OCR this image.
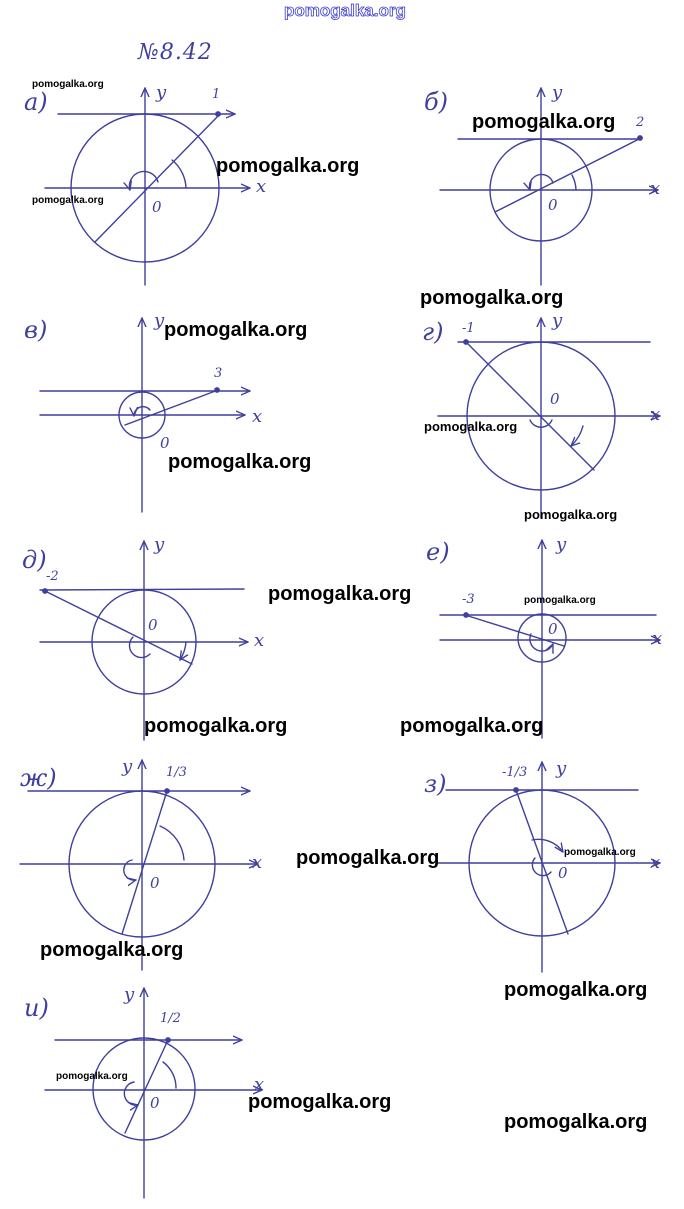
pomogalka.org
№8.42
а)	1
y
x
0
б)
2
y
x
0
в)
3
y
x
0
г) -1	y
x
0
д)
-2
y
x
0
е)
-3
y
x
0
ж)	1/3
y
x
0
з)	-1/3 y
x
0
и)	1/2
y
x
0
pomogalka.org
pomogalka.org
pomogalka.org
pomogalka.org
pomogalka.org
pomogalka.org
pomogalka.org
pomogalka.org
pomogalka.org
pomogalka.org	pomogalka.org
pomogalka.org	pomogalka.org
pomogalka.org	pomogalka.org
pomogalka.org
pomogalka.org
pomogalka.org
pomogalka.org
pomogalka.org
